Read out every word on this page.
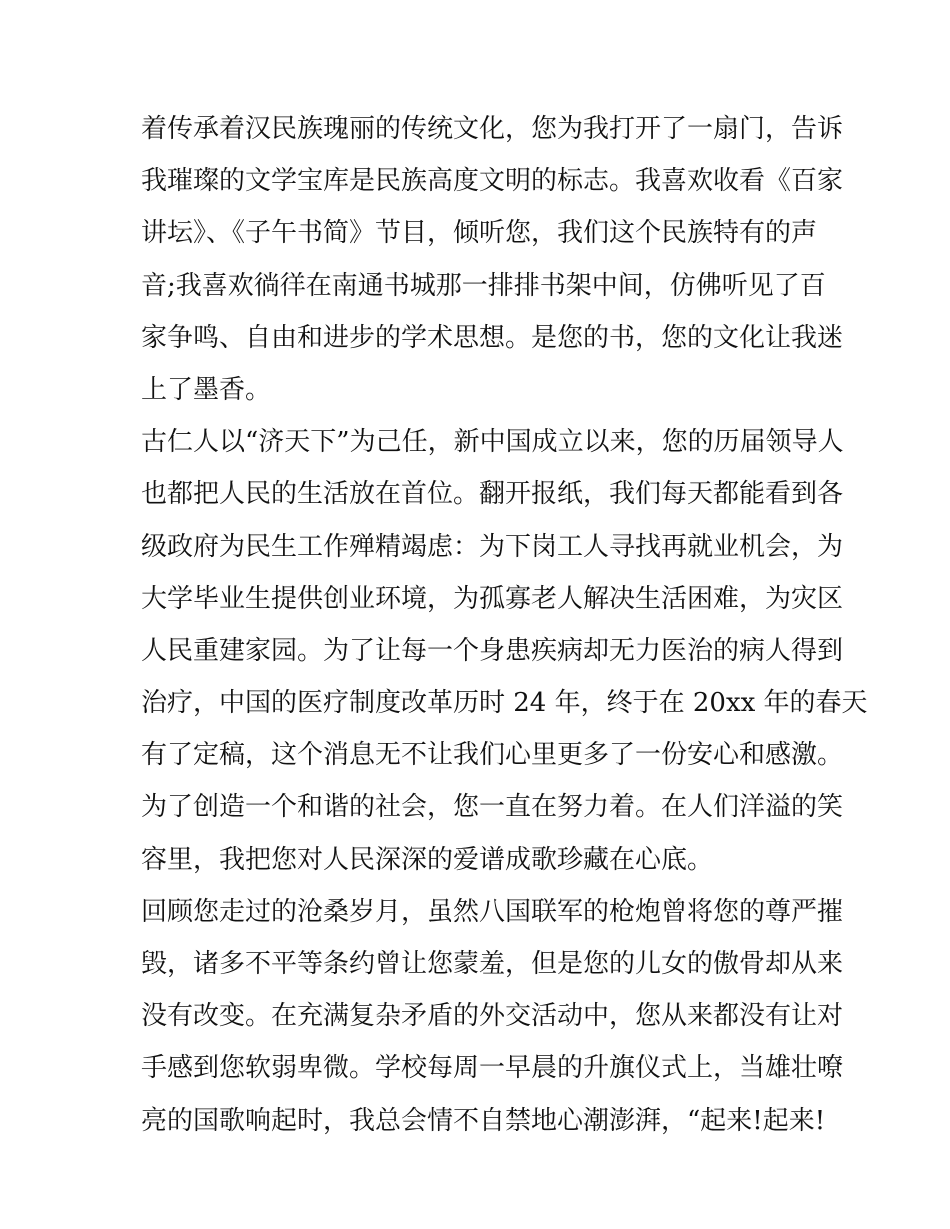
着传承着汉民族瑰丽的传统文化，您为我打开了一扇门，告诉
我璀璨的文学宝库是民族高度文明的标志。我喜欢收看《百家
讲坛》、《子午书简》节目，倾听您，我们这个民族特有的声
音;我喜欢徜徉在南通书城那一排排书架中间，仿佛听见了百
家争鸣、自由和进步的学术思想。是您的书，您的文化让我迷
上了墨香。
古仁人以“济天下”为己任，新中国成立以来，您的历届领导人
也都把人民的生活放在首位。翻开报纸，我们每天都能看到各
级政府为民生工作殚精竭虑：为下岗工人寻找再就业机会，为
大学毕业生提供创业环境，为孤寡老人解决生活困难，为灾区
人民重建家园。为了让每一个身患疾病却无力医治的病人得到
治疗，中国的医疗制度改革历时 24 年，终于在 20xx 年的春天
有了定稿，这个消息无不让我们心里更多了一份安心和感激。
为了创造一个和谐的社会，您一直在努力着。在人们洋溢的笑
容里，我把您对人民深深的爱谱成歌珍藏在心底。
回顾您走过的沧桑岁月，虽然八国联军的枪炮曾将您的尊严摧
毁，诸多不平等条约曾让您蒙羞，但是您的儿女的傲骨却从来
没有改变。在充满复杂矛盾的外交活动中，您从来都没有让对
手感到您软弱卑微。学校每周一早晨的升旗仪式上，当雄壮嘹
亮的国歌响起时，我总会情不自禁地心潮澎湃，“起来!起来!
